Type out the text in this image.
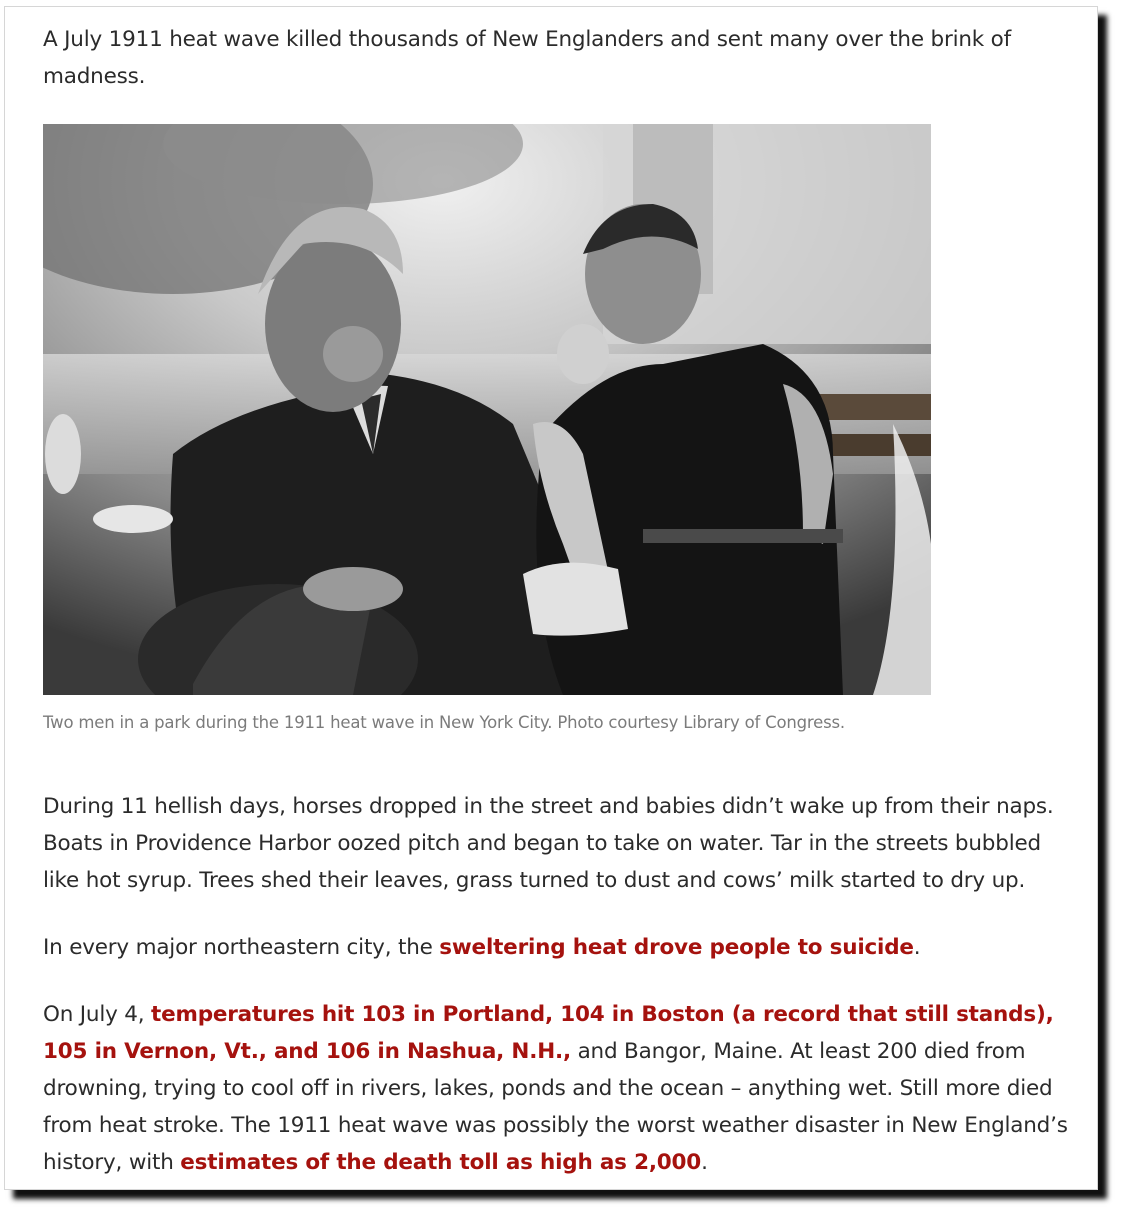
A July 1911 heat wave killed thousands of New Englanders and sent many over the brink of madness.

Two men in a park during the 1911 heat wave in New York City. Photo courtesy Library of Congress.

During 11 hellish days, horses dropped in the street and babies didn’t wake up from their naps. Boats in Providence Harbor oozed pitch and began to take on water. Tar in the streets bubbled like hot syrup. Trees shed their leaves, grass turned to dust and cows’ milk started to dry up.

In every major northeastern city, the sweltering heat drove people to suicide.

On July 4, temperatures hit 103 in Portland, 104 in Boston (a record that still stands), 105 in Vernon, Vt., and 106 in Nashua, N.H., and Bangor, Maine. At least 200 died from drowning, trying to cool off in rivers, lakes, ponds and the ocean – anything wet. Still more died from heat stroke. The 1911 heat wave was possibly the worst weather disaster in New England’s history, with estimates of the death toll as high as 2,000.
